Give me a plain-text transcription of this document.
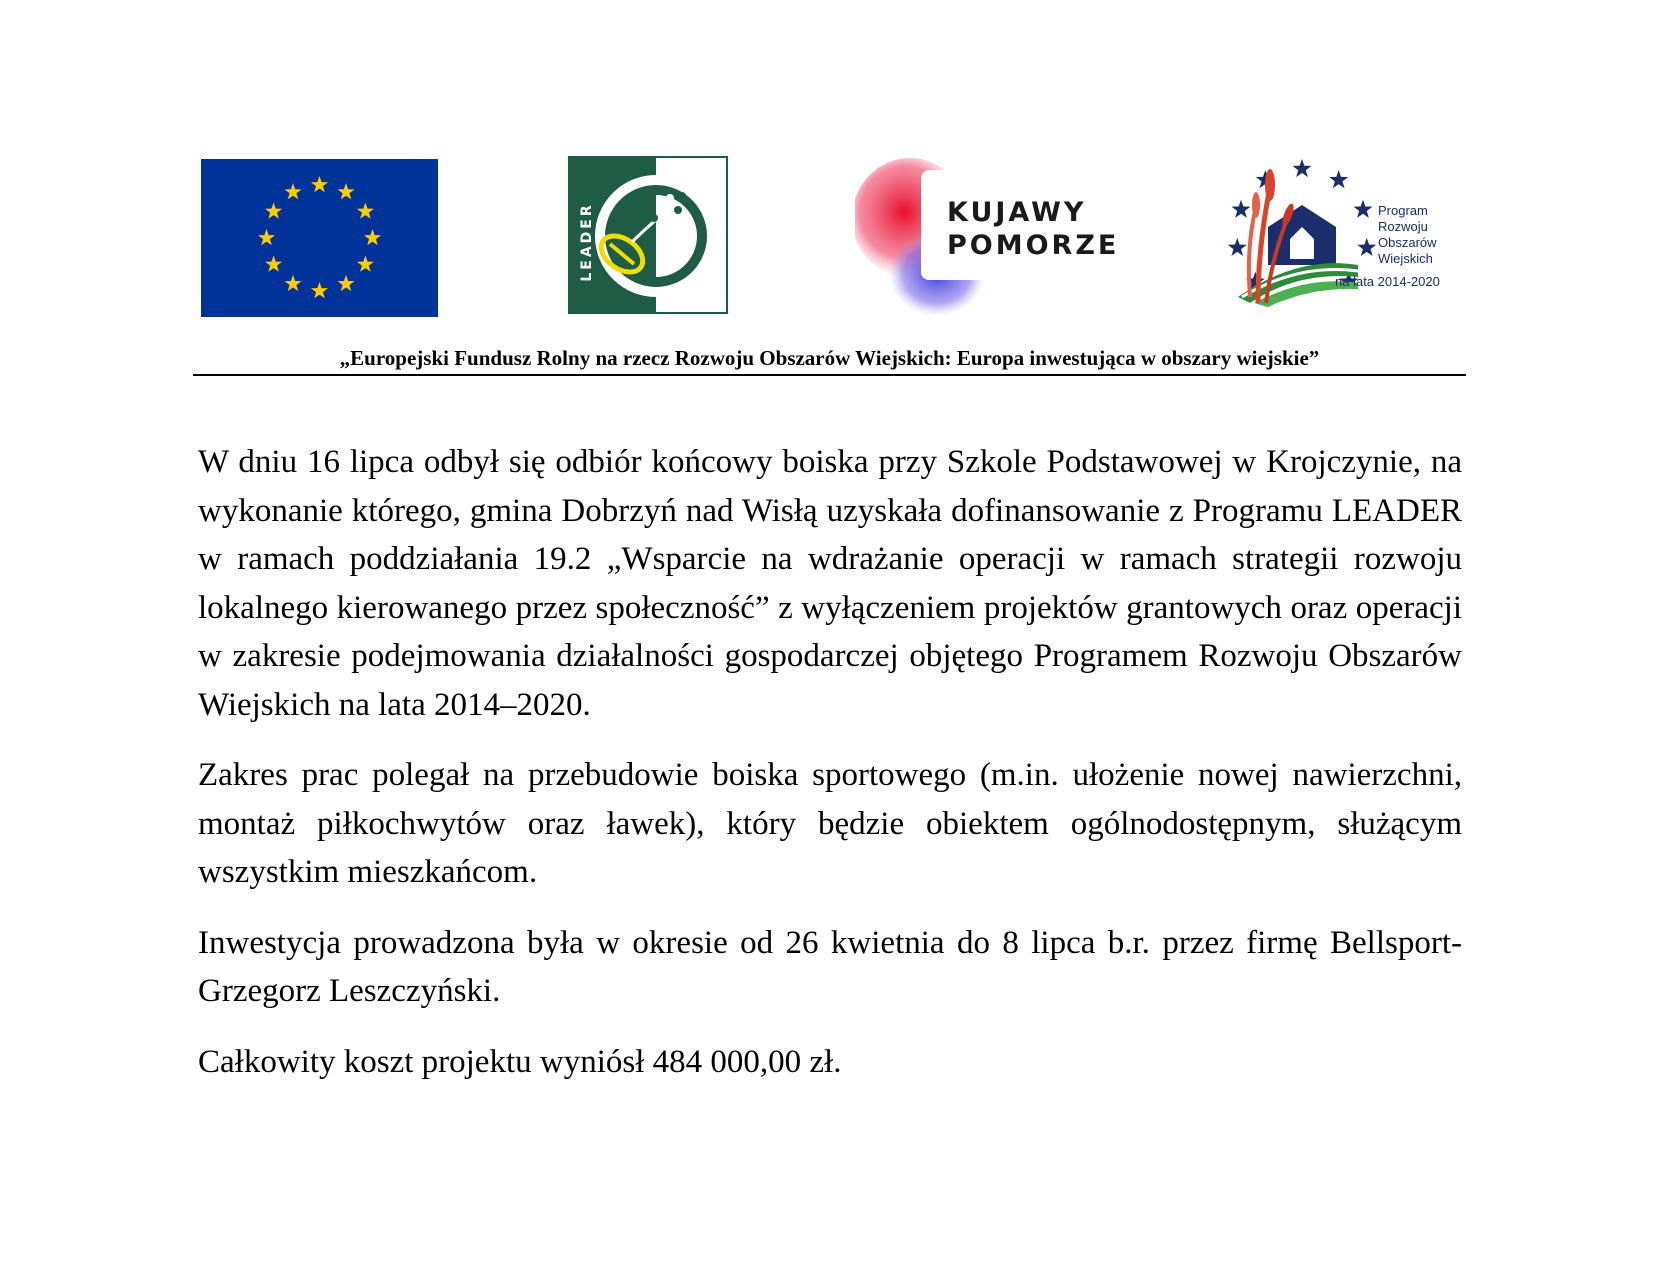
LEADER	KUJAWY
POMORZE
Program
Rozwoju
Obszarów
Wiejskich
na lata 2014-2020
„Europejski Fundusz Rolny na rzecz Rozwoju Obszarów Wiejskich: Europa inwestująca w obszary wiejskie”

W dniu 16 lipca odbył się odbiór końcowy boiska przy Szkole Podstawowej w Krojczynie, na wykonanie którego, gmina Dobrzyń nad Wisłą uzyskała dofinansowanie z Programu LEADER w ramach poddziałania 19.2 „Wsparcie na wdrażanie operacji w ramach strategii rozwoju lokalnego kierowanego przez społeczność” z wyłączeniem projektów grantowych oraz operacji w zakresie podejmowania działalności gospodarczej objętego Programem Rozwoju Obszarów Wiejskich na lata 2014–2020.

Zakres prac polegał na przebudowie boiska sportowego (m.in. ułożenie nowej nawierzchni, montaż piłkochwytów oraz ławek), który będzie obiektem ogólnodostępnym, służącym wszystkim mieszkańcom.

Inwestycja prowadzona była w okresie od 26 kwietnia do 8 lipca b.r. przez firmę Bellsport- Grzegorz Leszczyński.

Całkowity koszt projektu wyniósł 484 000,00 zł.
